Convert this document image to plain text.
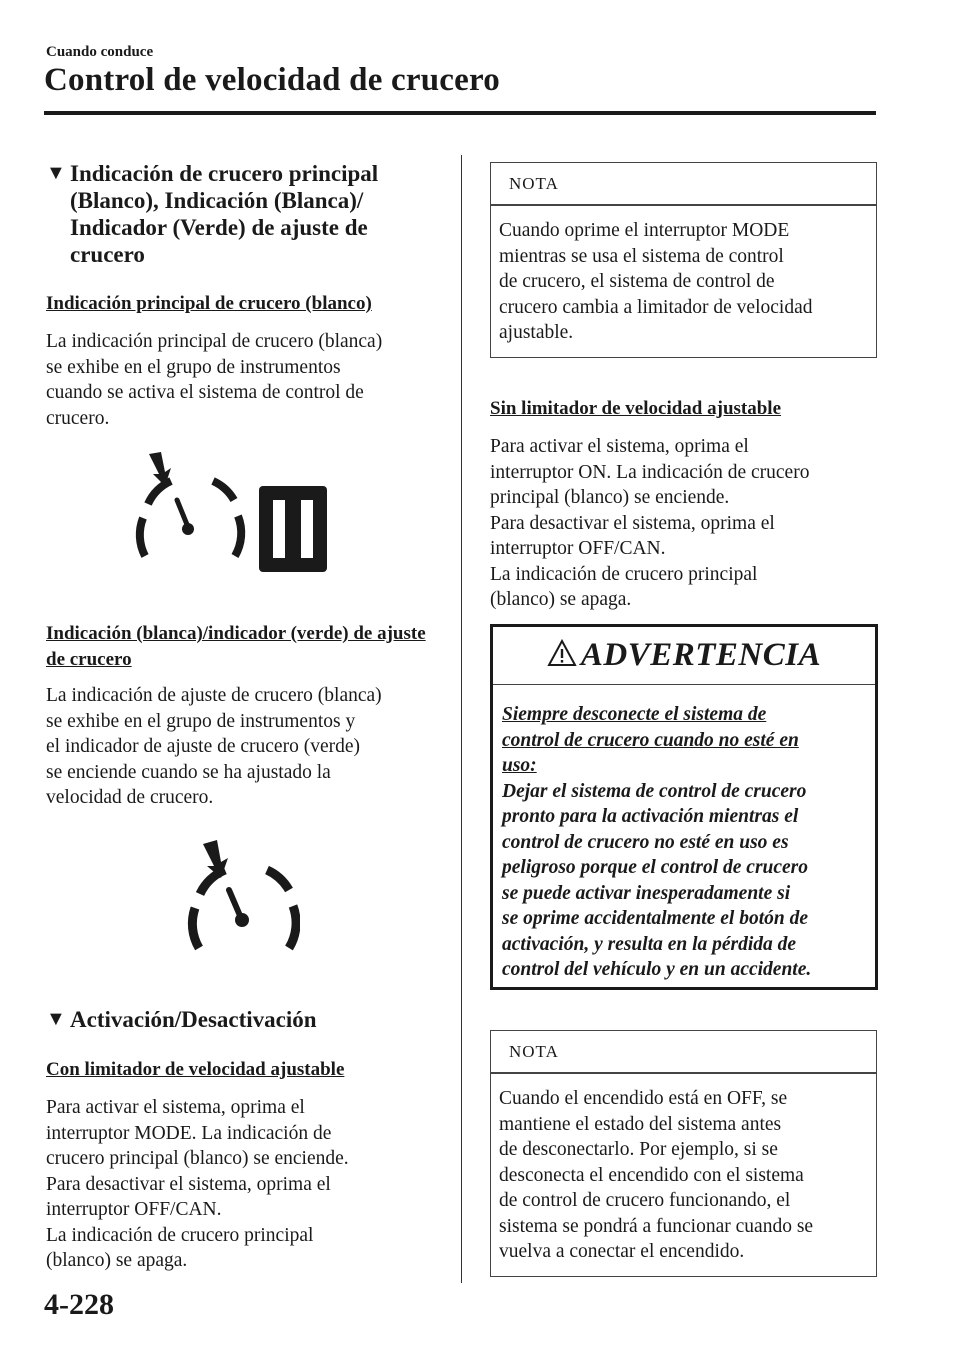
Cuando conduce
Control de velocidad de crucero
▼ Indicación de crucero principal (Blanco), Indicación (Blanca)/ Indicador (Verde) de ajuste de crucero
Indicación principal de crucero (blanco)
La indicación principal de crucero (blanca)
se exhibe en el grupo de instrumentos
cuando se activa el sistema de control de
crucero.
Indicación (blanca)/indicador (verde) de ajuste de crucero
La indicación de ajuste de crucero (blanca)
se exhibe en el grupo de instrumentos y
el indicador de ajuste de crucero (verde)
se enciende cuando se ha ajustado la
velocidad de crucero.
▼ Activación/Desactivación
Con limitador de velocidad ajustable
Para activar el sistema, oprima el
interruptor MODE. La indicación de
crucero principal (blanco) se enciende.
Para desactivar el sistema, oprima el
interruptor OFF/CAN.
La indicación de crucero principal
(blanco) se apaga.
NOTA
Cuando oprime el interruptor MODE
mientras se usa el sistema de control
de crucero, el sistema de control de
crucero cambia a limitador de velocidad
ajustable.
Sin limitador de velocidad ajustable
Para activar el sistema, oprima el
interruptor ON. La indicación de crucero
principal (blanco) se enciende.
Para desactivar el sistema, oprima el
interruptor OFF/CAN.
La indicación de crucero principal
(blanco) se apaga.
ADVERTENCIA
Siempre desconecte el sistema de
control de crucero cuando no esté en
uso:
Dejar el sistema de control de crucero
pronto para la activación mientras el
control de crucero no esté en uso es
peligroso porque el control de crucero
se puede activar inesperadamente si
se oprime accidentalmente el botón de
activación, y resulta en la pérdida de
control del vehículo y en un accidente.
NOTA
Cuando el encendido está en OFF, se
mantiene el estado del sistema antes
de desconectarlo. Por ejemplo, si se
desconecta el encendido con el sistema
de control de crucero funcionando, el
sistema se pondrá a funcionar cuando se
vuelva a conectar el encendido.
4-228
